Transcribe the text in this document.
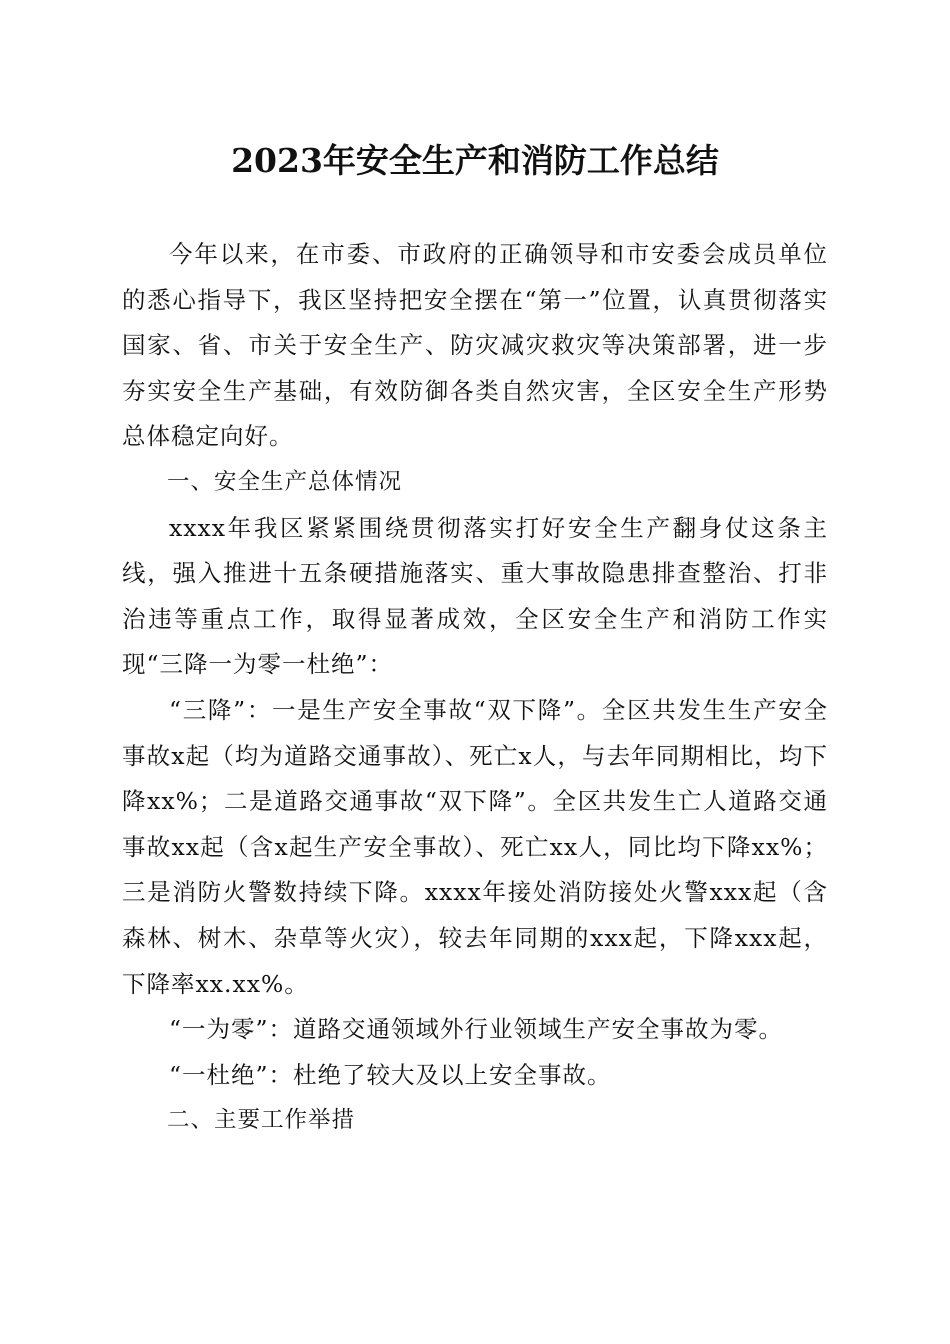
2023年安全生产和消防工作总结

今年以来，在市委、市政府的正确领导和市安委会成员单位的悉心指导下，我区坚持把安全摆在“第一”位置，认真贯彻落实国家、省、市关于安全生产、防灾减灾救灾等决策部署，进一步夯实安全生产基础，有效防御各类自然灾害，全区安全生产形势总体稳定向好。

一、安全生产总体情况

xxxx年我区紧紧围绕贯彻落实打好安全生产翻身仗这条主线，强入推进十五条硬措施落实、重大事故隐患排查整治、打非治违等重点工作，取得显著成效，全区安全生产和消防工作实现“三降一为零一杜绝”：

“三降”：一是生产安全事故“双下降”。全区共发生生产安全事故x起（均为道路交通事故）、死亡x人，与去年同期相比，均下降xx%；二是道路交通事故“双下降”。全区共发生亡人道路交通事故xx起（含x起生产安全事故）、死亡xx人，同比均下降xx%；三是消防火警数持续下降。xxxx年接处消防接处火警xxx起（含森林、树木、杂草等火灾），较去年同期的xxx起，下降xxx起，下降率xx.xx%。

“一为零”：道路交通领域外行业领域生产安全事故为零。

“一杜绝”：杜绝了较大及以上安全事故。

二、主要工作举措
